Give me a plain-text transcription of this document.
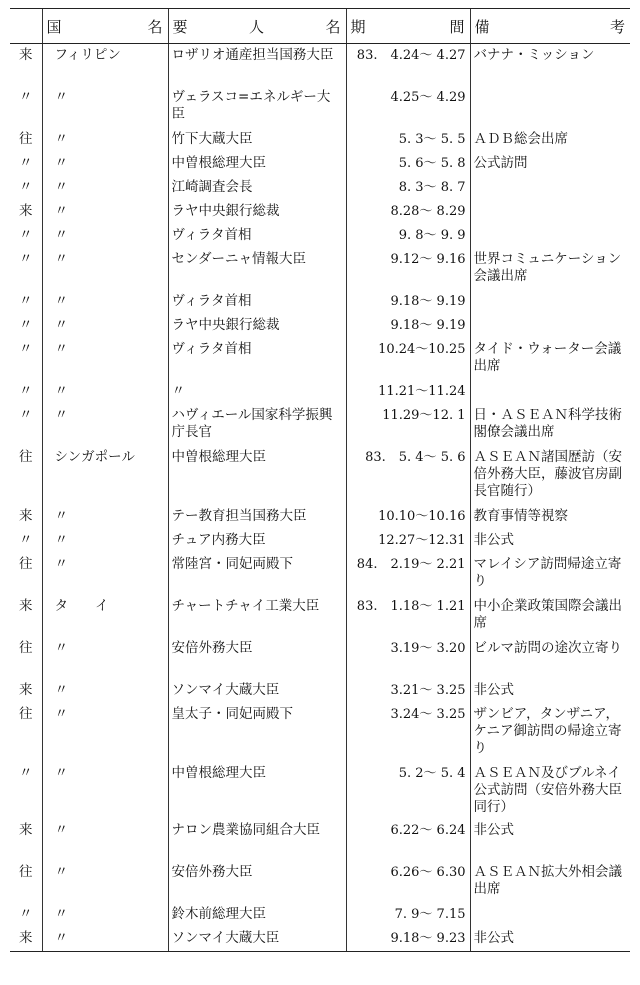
	国　　名	要　人　名	期　　間	備　　考
来	フィリピン	ロザリオ通産担当国務大臣	83.　4.24～ 4.27	バナナ・ミッション
〃	〃	ヴェラスコ=エネルギー大臣	4.25～ 4.29	
往	〃	竹下大蔵大臣	5. 3～ 5. 5	ＡＤＢ総会出席
〃	〃	中曽根総理大臣	5. 6～ 5. 8	公式訪問
〃	〃	江崎調査会長	8. 3～ 8. 7	
来	〃	ラヤ中央銀行総裁	8.28～ 8.29	
〃	〃	ヴィラタ首相	9. 8～ 9. 9	
〃	〃	センダーニャ情報大臣	9.12～ 9.16	世界コミュニケーション会議出席
〃	〃	ヴィラタ首相	9.18～ 9.19	
〃	〃	ラヤ中央銀行総裁	9.18～ 9.19	
〃	〃	ヴィラタ首相	10.24～10.25	タイド・ウォーター会議出席
〃	〃	〃	11.21～11.24	
〃	〃	ハヴィエール国家科学振興庁長官	11.29～12. 1	日・ＡＳＥＡＮ科学技術閣僚会議出席
往	シンガポール	中曽根総理大臣	83.　5. 4～ 5. 6	ＡＳＥＡＮ諸国歴訪（安倍外務大臣，藤波官房副長官随行）
来	〃	テー教育担当国務大臣	10.10～10.16	教育事情等視察
〃	〃	チュア内務大臣	12.27～12.31	非公式
往	〃	常陸宮・同妃両殿下	84.　2.19～ 2.21	マレイシア訪問帰途立寄り
来	タ　　イ	チャートチャイ工業大臣	83.　1.18～ 1.21	中小企業政策国際会議出席
往	〃	安倍外務大臣	3.19～ 3.20	ビルマ訪問の途次立寄り
来	〃	ソンマイ大蔵大臣	3.21～ 3.25	非公式
往	〃	皇太子・同妃両殿下	3.24～ 3.25	ザンビア，タンザニア，ケニア御訪問の帰途立寄り
〃	〃	中曽根総理大臣	5. 2～ 5. 4	ＡＳＥＡＮ及びブルネイ公式訪問（安倍外務大臣同行）
来	〃	ナロン農業協同組合大臣	6.22～ 6.24	非公式
往	〃	安倍外務大臣	6.26～ 6.30	ＡＳＥＡＮ拡大外相会議出席
〃	〃	鈴木前総理大臣	7. 9～ 7.15	
来	〃	ソンマイ大蔵大臣	9.18～ 9.23	非公式
